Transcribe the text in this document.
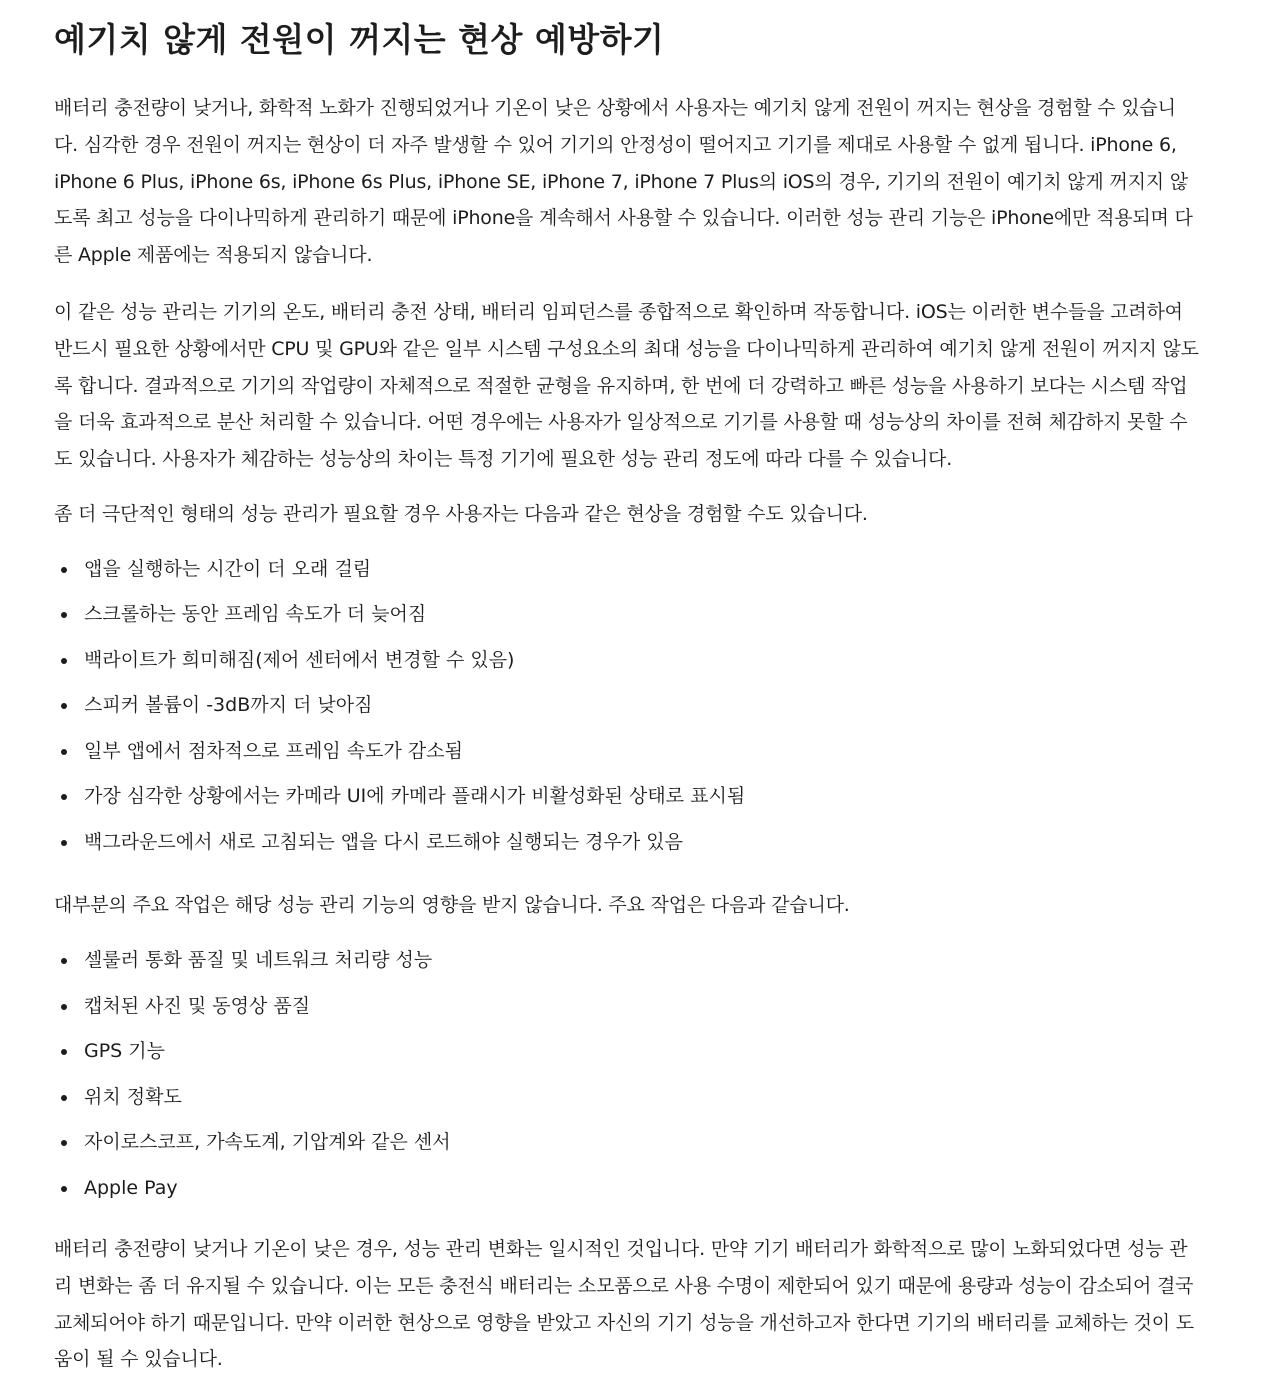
예기치 않게 전원이 꺼지는 현상 예방하기

배터리 충전량이 낮거나, 화학적 노화가 진행되었거나 기온이 낮은 상황에서 사용자는 예기치 않게 전원이 꺼지는 현상을 경험할 수 있습니다. 심각한 경우 전원이 꺼지는 현상이 더 자주 발생할 수 있어 기기의 안정성이 떨어지고 기기를 제대로 사용할 수 없게 됩니다. iPhone 6, iPhone 6 Plus, iPhone 6s, iPhone 6s Plus, iPhone SE, iPhone 7, iPhone 7 Plus의 iOS의 경우, 기기의 전원이 예기치 않게 꺼지지 않도록 최고 성능을 다이나믹하게 관리하기 때문에 iPhone을 계속해서 사용할 수 있습니다. 이러한 성능 관리 기능은 iPhone에만 적용되며 다른 Apple 제품에는 적용되지 않습니다.

이 같은 성능 관리는 기기의 온도, 배터리 충전 상태, 배터리 임피던스를 종합적으로 확인하며 작동합니다. iOS는 이러한 변수들을 고려하여 반드시 필요한 상황에서만 CPU 및 GPU와 같은 일부 시스템 구성요소의 최대 성능을 다이나믹하게 관리하여 예기치 않게 전원이 꺼지지 않도록 합니다. 결과적으로 기기의 작업량이 자체적으로 적절한 균형을 유지하며, 한 번에 더 강력하고 빠른 성능을 사용하기 보다는 시스템 작업을 더욱 효과적으로 분산 처리할 수 있습니다. 어떤 경우에는 사용자가 일상적으로 기기를 사용할 때 성능상의 차이를 전혀 체감하지 못할 수도 있습니다. 사용자가 체감하는 성능상의 차이는 특정 기기에 필요한 성능 관리 정도에 따라 다를 수 있습니다.

좀 더 극단적인 형태의 성능 관리가 필요할 경우 사용자는 다음과 같은 현상을 경험할 수도 있습니다.

앱을 실행하는 시간이 더 오래 걸림
스크롤하는 동안 프레임 속도가 더 늦어짐
백라이트가 희미해짐(제어 센터에서 변경할 수 있음)
스피커 볼륨이 -3dB까지 더 낮아짐
일부 앱에서 점차적으로 프레임 속도가 감소됨
가장 심각한 상황에서는 카메라 UI에 카메라 플래시가 비활성화된 상태로 표시됨
백그라운드에서 새로 고침되는 앱을 다시 로드해야 실행되는 경우가 있음

대부분의 주요 작업은 해당 성능 관리 기능의 영향을 받지 않습니다. 주요 작업은 다음과 같습니다.

셀룰러 통화 품질 및 네트워크 처리량 성능
캡처된 사진 및 동영상 품질
GPS 기능
위치 정확도
자이로스코프, 가속도계, 기압계와 같은 센서
Apple Pay

배터리 충전량이 낮거나 기온이 낮은 경우, 성능 관리 변화는 일시적인 것입니다. 만약 기기 배터리가 화학적으로 많이 노화되었다면 성능 관리 변화는 좀 더 유지될 수 있습니다. 이는 모든 충전식 배터리는 소모품으로 사용 수명이 제한되어 있기 때문에 용량과 성능이 감소되어 결국 교체되어야 하기 때문입니다. 만약 이러한 현상으로 영향을 받았고 자신의 기기 성능을 개선하고자 한다면 기기의 배터리를 교체하는 것이 도움이 될 수 있습니다.
